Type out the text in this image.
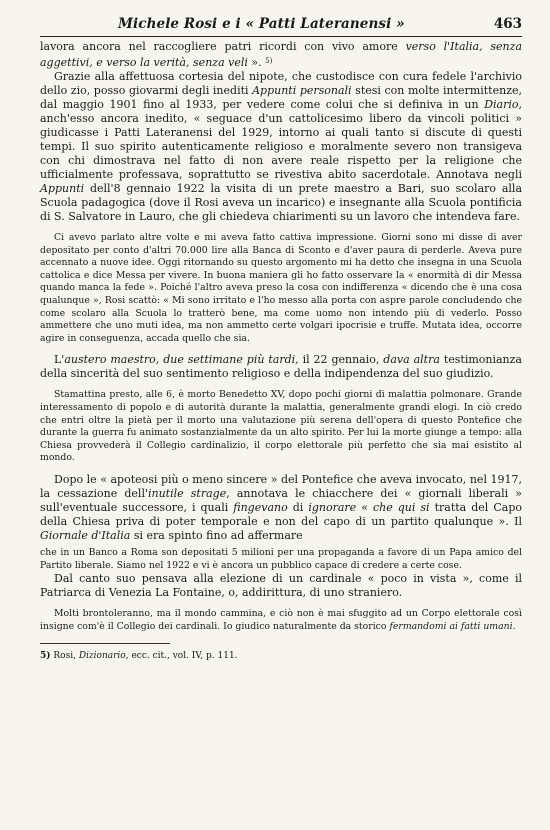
Michele Rosi e i « Patti Lateranensi »	463

lavora ancora nel raccogliere patri ricordi con vivo amore verso l'Italia, senza aggettivi, e verso la verità, senza veli ». $^{5)}$

Grazie alla affettuosa cortesia del nipote, che custodisce con cura fedele l'archivio dello zio, posso giovarmi degli inediti Appunti personali stesi con molte intermittenze, dal maggio 1901 fino al 1933, per vedere come colui che si definiva in un Diario, anch'esso ancora inedito, « seguace d'un cattolicesimo libero da vincoli politici » giudicasse i Patti Lateranensi del 1929, intorno ai quali tanto si discute di questi tempi. Il suo spirito autenticamente religioso e moralmente severo non transigeva con chi dimostrava nel fatto di non avere reale rispetto per la religione che ufficialmente professava, soprattutto se rivestiva abito sacerdotale. Annotava negli Appunti dell'8 gennaio 1922 la visita di un prete maestro a Bari, suo scolaro alla Scuola padagogica (dove il Rosi aveva un incarico) e insegnante alla Scuola pontificia di S. Salvatore in Lauro, che gli chiedeva chiarimenti su un lavoro che intendeva fare.

Ci avevo parlato altre volte e mi aveva fatto cattiva impressione. Giorni sono mi disse di aver depositato per conto d'altri 70.000 lire alla Banca di Sconto e d'aver paura di perderle. Aveva pure accennato a nuove idee. Oggi ritornando su questo argomento mi ha detto che insegna in una Scuola cattolica e dice Messa per vivere. In buona maniera gli ho fatto osservare la « enormità di dir Messa quando manca la fede ». Poiché l'altro aveva preso la cosa con indifferenza « dicendo che è una cosa qualunque », Rosi scattò: « Mi sono irritato e l'ho messo alla porta con aspre parole concludendo che come scolaro alla Scuola lo tratterò bene, ma come uomo non intendo più di vederlo. Posso ammettere che uno muti idea, ma non ammetto certe volgari ipocrisie e truffe. Mutata idea, occorre agire in conseguenza, accada quello che sia.

L'austero maestro, due settimane più tardi, il 22 gennaio, dava altra testimonianza della sincerità del suo sentimento religioso e della indipendenza del suo giudizio.

Stamattina presto, alle 6, è morto Benedetto XV, dopo pochi giorni di malattia polmonare. Grande interessamento di popolo e di autorità durante la malattia, generalmente grandi elogi. In ciò credo che entri oltre la pietà per il morto una valutazione più serena dell'opera di questo Pontefice che durante la guerra fu animato sostanzialmente da un alto spirito. Per lui la morte giunge a tempo: alla Chiesa provvederà il Collegio cardinalizio, il corpo elettorale più perfetto che sia mai esistito al mondo.

Dopo le « apoteosi più o meno sincere » del Pontefice che aveva invocato, nel 1917, la cessazione dell'inutile strage, annotava le chiacchere dei « giornali liberali » sull'eventuale successore, i quali fingevano di ignorare « che qui si tratta del Capo della Chiesa priva di poter temporale e non del capo di un partito qualunque ». Il Giornale d'Italia si era spinto fino ad affermare

che in un Banco a Roma son depositati 5 milioni per una propaganda a favore di un Papa amico del Partito liberale. Siamo nel 1922 e vi è ancora un pubblico capace di credere a certe cose.

Dal canto suo pensava alla elezione di un cardinale « poco in vista », come il Patriarca di Venezia La Fontaine, o, addirittura, di uno straniero.

Molti brontoleranno, ma il mondo cammina, e ciò non è mai sfuggito ad un Corpo elettorale così insigne com'è il Collegio dei cardinali. Io giudico naturalmente da storico fermandomi ai fatti umani.

5) Rosi, Dizionario, ecc. cit., vol. IV, p. 111.
